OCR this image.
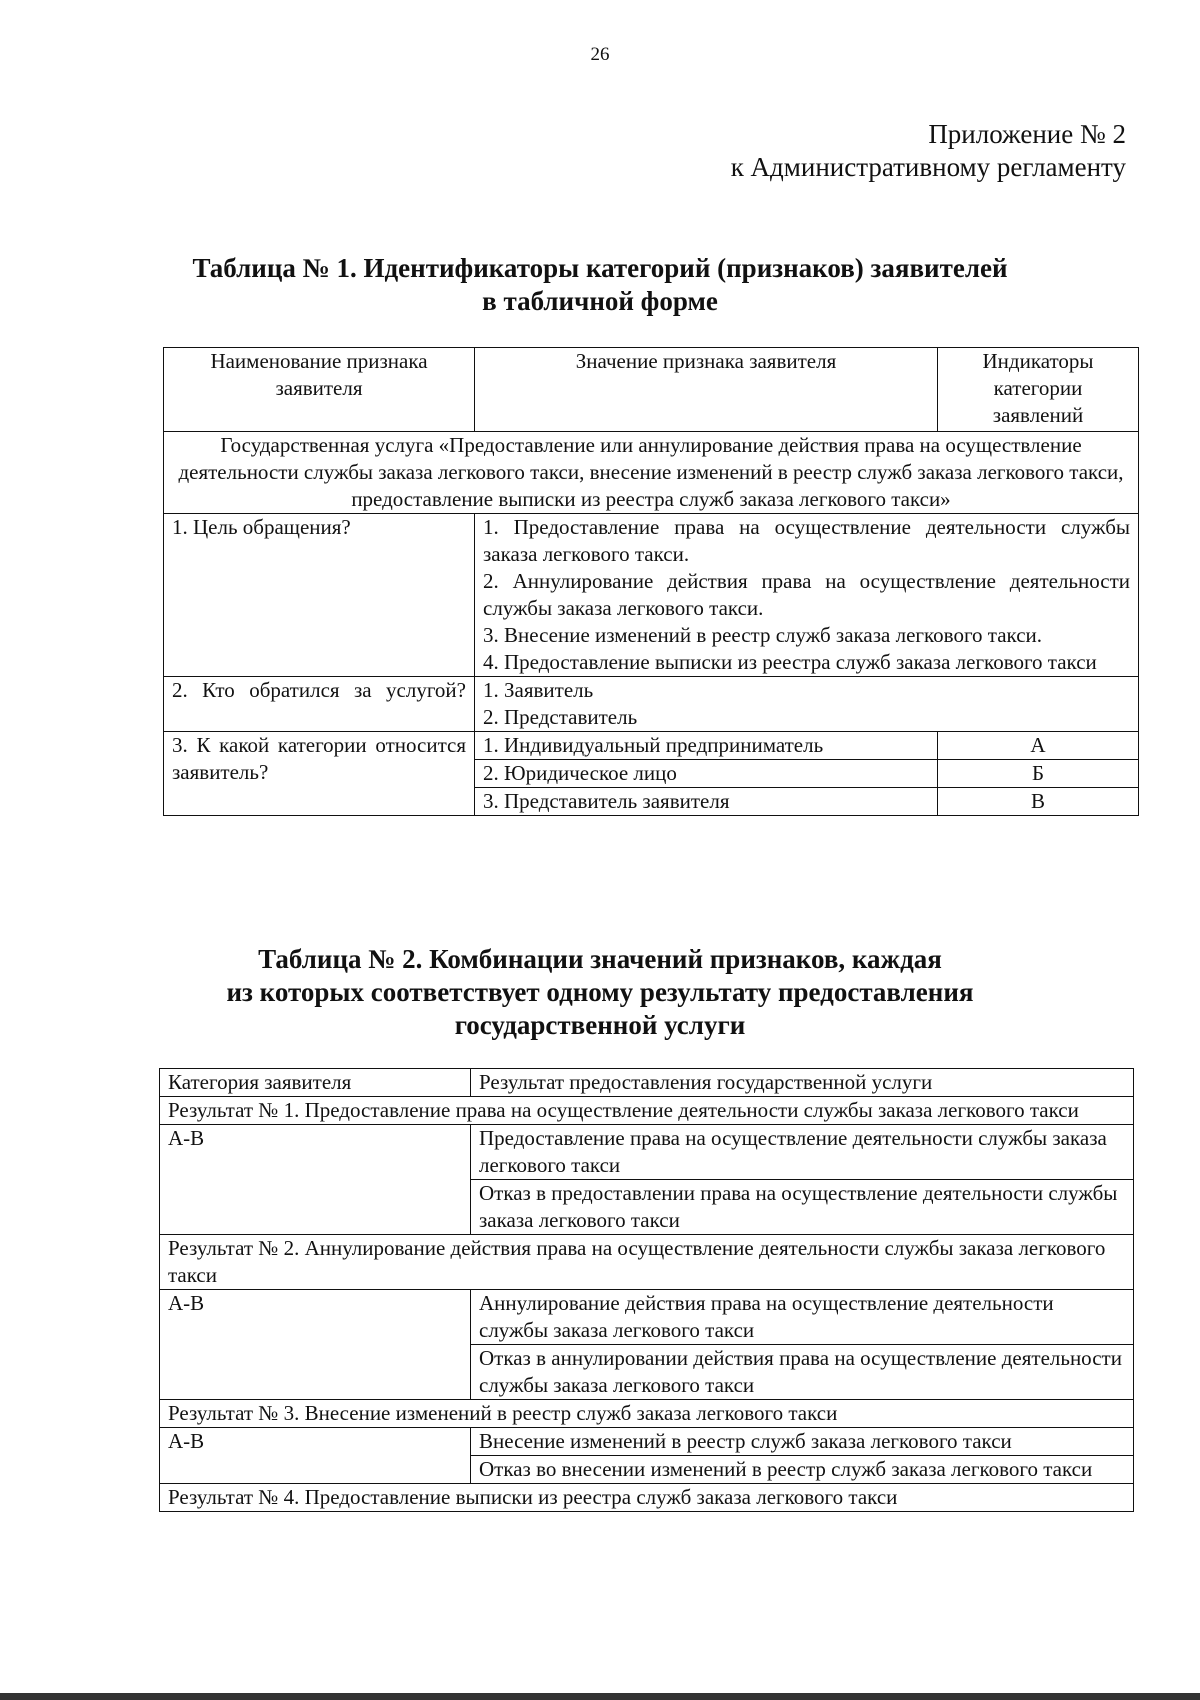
26
Приложение № 2
к Административному регламенту
Таблица № 1. Идентификаторы категорий (признаков) заявителей
в табличной форме
Наименование признака заявителя	Значение признака заявителя	Индикаторы категории заявлений
Государственная услуга «Предоставление или аннулирование действия права на осуществление деятельности службы заказа легкового такси, внесение изменений в реестр служб заказа легкового такси, предоставление выписки из реестра служб заказа легкового такси»		
1. Цель обращения?	1. Предоставление права на осуществление деятельности службы заказа легкового такси.
2. Аннулирование действия права на осуществление деятельности службы заказа легкового такси.
3. Внесение изменений в реестр служб заказа легкового такси.
4. Предоставление выписки из реестра служб заказа легкового такси	

2. Кто обратился за услугой?	1. Заявитель
2. Представитель	

3. К какой категории относится заявитель?	1. Индивидуальный предприниматель	А
	2. Юридическое лицо	Б
	3. Представитель заявителя	В
Таблица № 2. Комбинации значений признаков, каждая
из которых соответствует одному результату предоставления
государственной услуги
Категория заявителя	Результат предоставления государственной услуги
Результат № 1. Предоставление права на осуществление деятельности службы заказа легкового такси	
А-В	Предоставление права на осуществление деятельности службы заказа легкового такси
	Отказ в предоставлении права на осуществление деятельности службы заказа легкового такси
Результат № 2. Аннулирование действия права на осуществление деятельности службы заказа легкового такси	
А-В	Аннулирование действия права на осуществление деятельности службы заказа легкового такси
	Отказ в аннулировании действия права на осуществление деятельности службы заказа легкового такси
Результат № 3. Внесение изменений в реестр служб заказа легкового такси	
А-В	Внесение изменений в реестр служб заказа легкового такси
	Отказ во внесении изменений в реестр служб заказа легкового такси
Результат № 4. Предоставление выписки из реестра служб заказа легкового такси	
